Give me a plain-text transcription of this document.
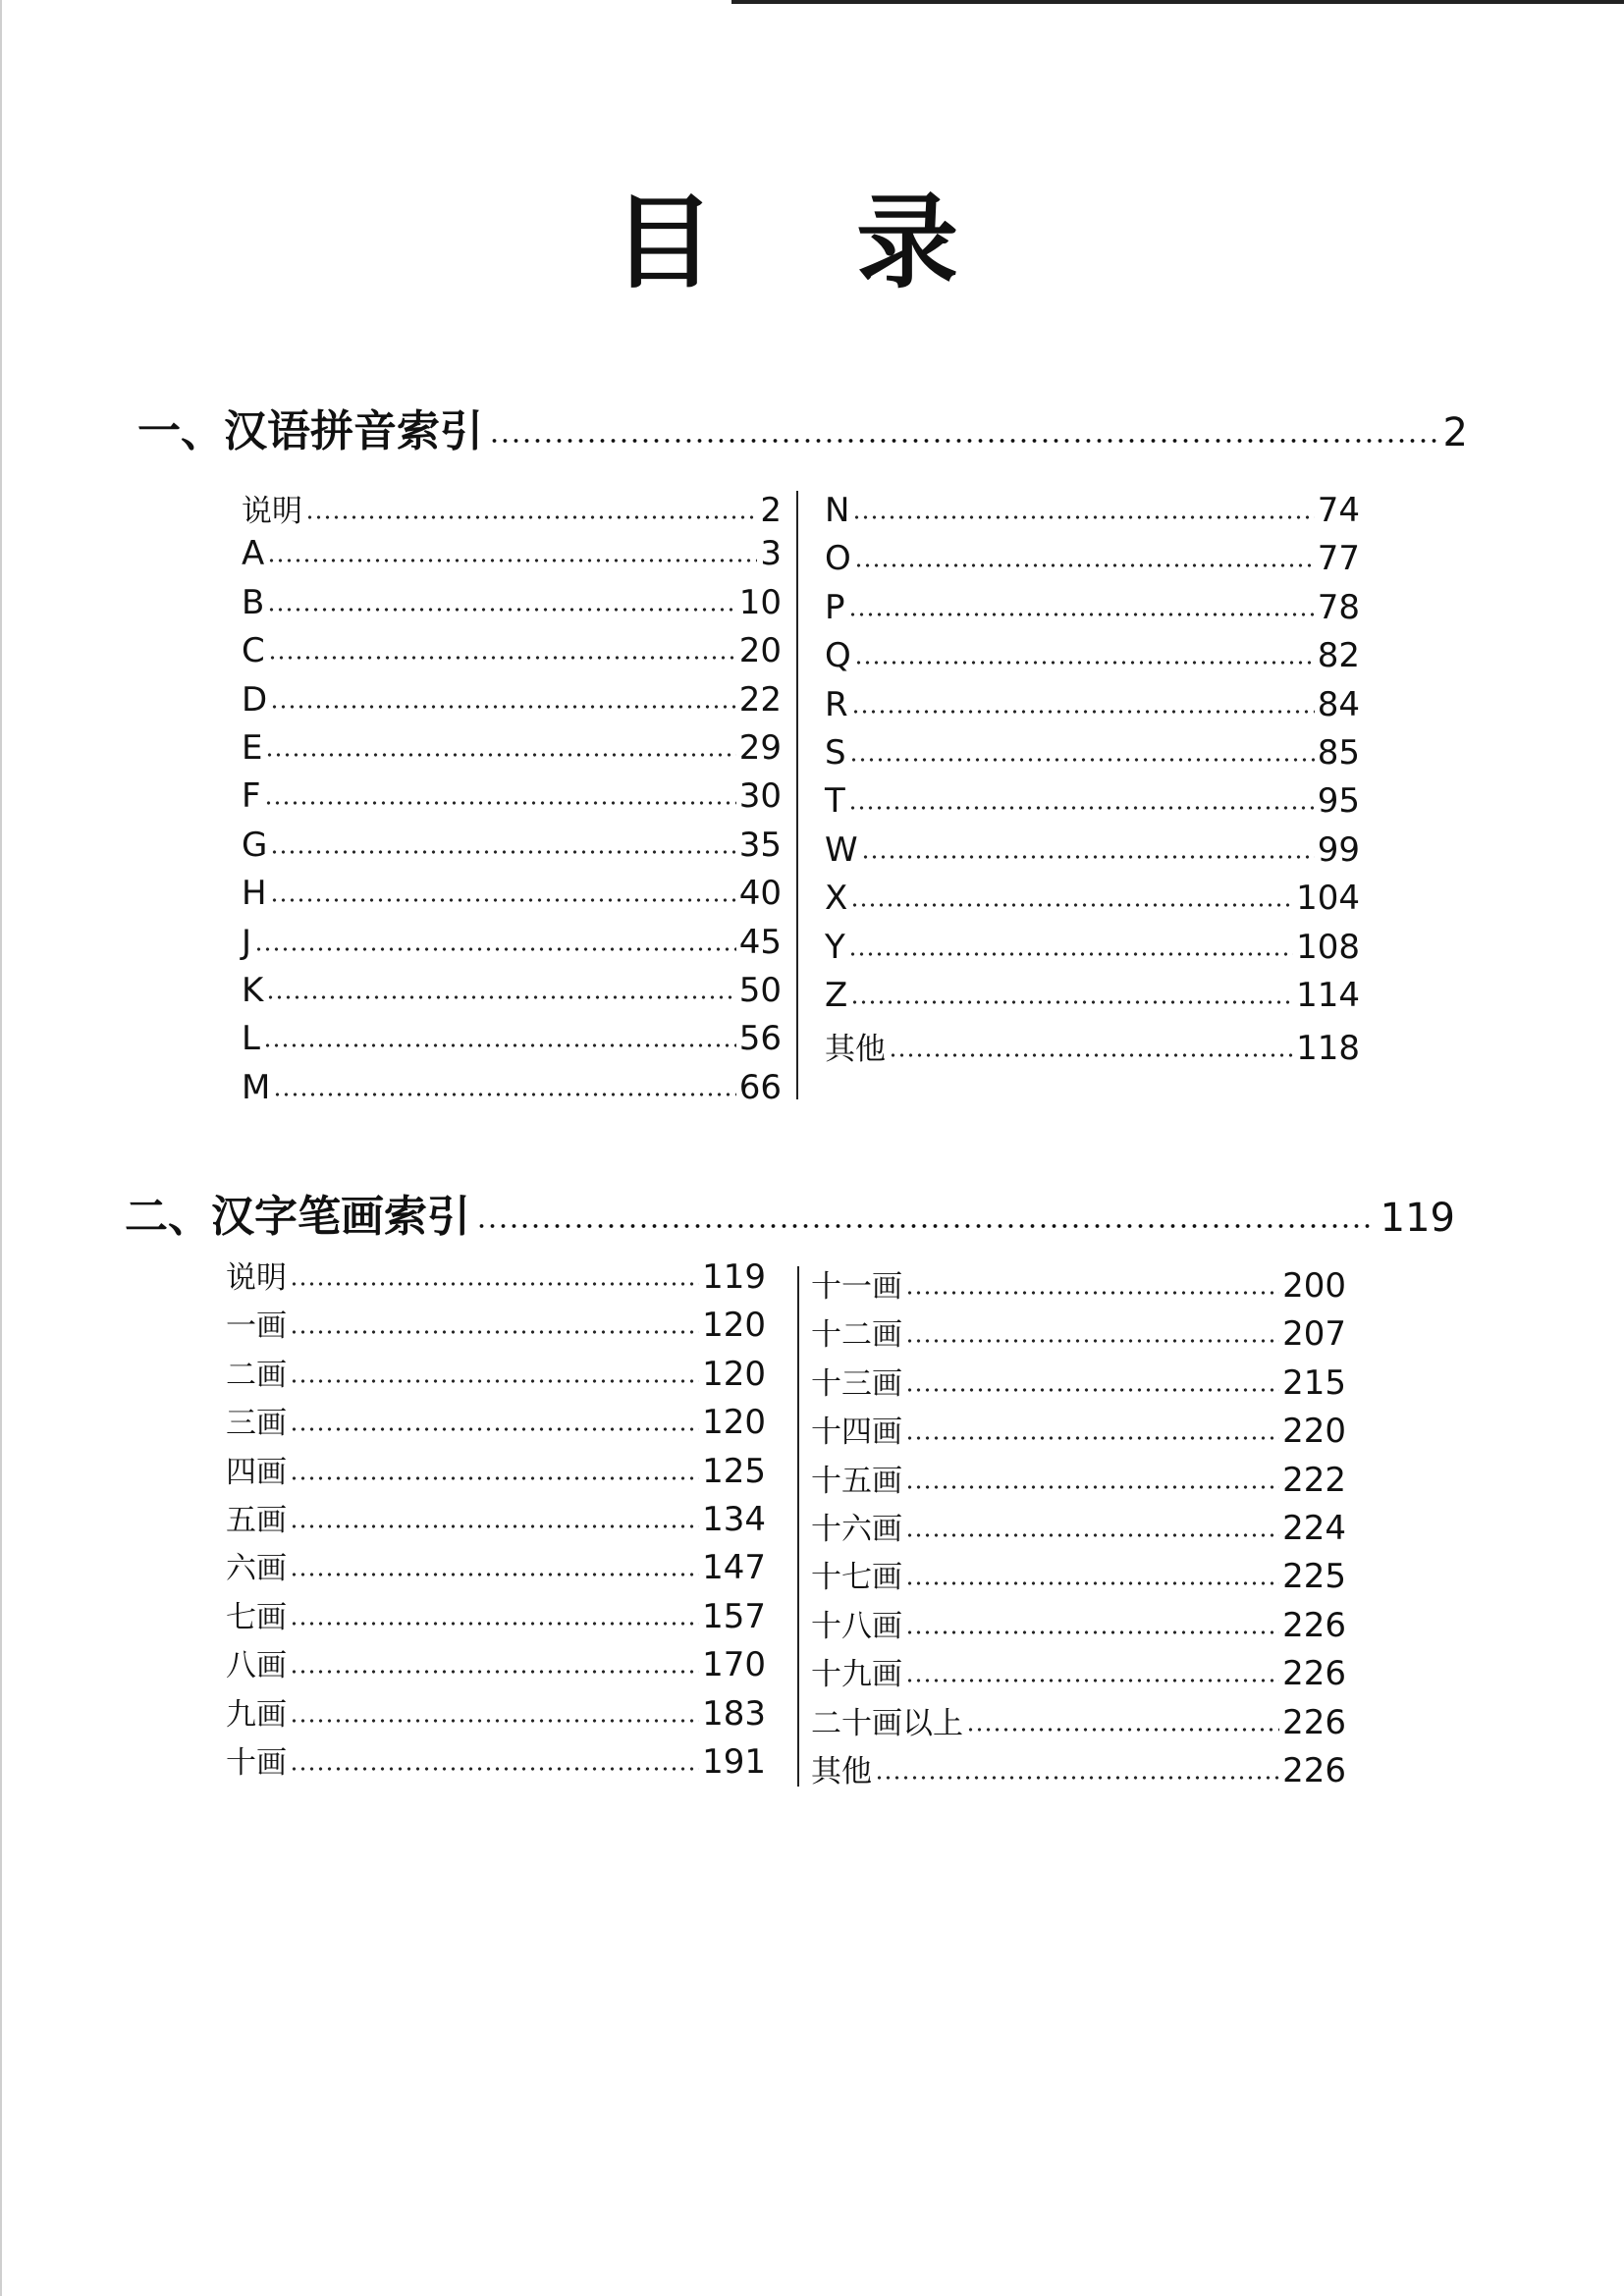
目 录
一、汉语拼音索引	2
说明	2
A	3
B	10
C	20
D	22
E	29
F	30
G	35
H	40
J	45
K	50
L	56
M	66
N	74
O	77
P	78
Q	82
R	84
S	85
T	95
W	99
X	104
Y	108
Z	114
其他	118
二、汉字笔画索引	119
说明	119
一画	120
二画	120
三画	120
四画	125
五画	134
六画	147
七画	157
八画	170
九画	183
十画	191
十一画	200
十二画	207
十三画	215
十四画	220
十五画	222
十六画	224
十七画	225
十八画	226
十九画	226
二十画以上	226
其他	226
